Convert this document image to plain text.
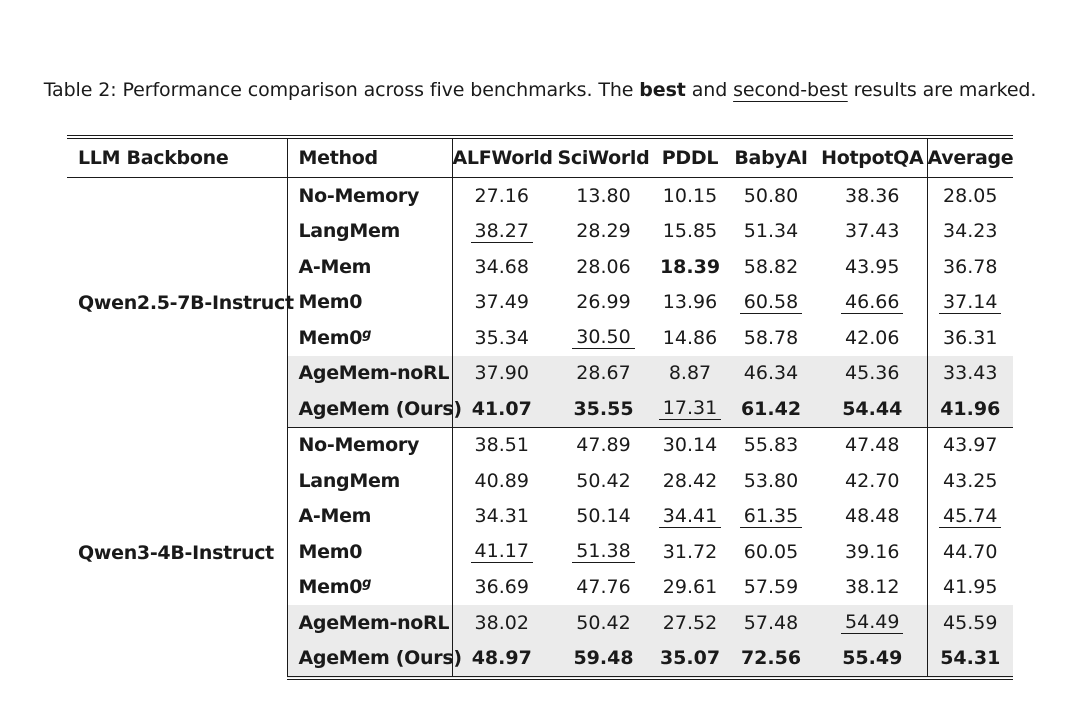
Table 2: Performance comparison across five benchmarks. The best and second-best results are marked.
LLM Backbone	Method	ALFWorld	SciWorld	PDDL	BabyAI	HotpotQA	Average
Qwen2.5-7B-Instruct	No-Memory	27.16	13.80	10.15	50.80	38.36	28.05
	LangMem	38.27	28.29	15.85	51.34	37.43	34.23
	A-Mem	34.68	28.06	18.39	58.82	43.95	36.78
	Mem0	37.49	26.99	13.96	60.58	46.66	37.14
	Mem0$^g$	35.34	30.50	14.86	58.78	42.06	36.31
	AgeMem-noRL	37.90	28.67	8.87	46.34	45.36	33.43
	AgeMem (Ours)	41.07	35.55	17.31	61.42	54.44	41.96
Qwen3-4B-Instruct	No-Memory	38.51	47.89	30.14	55.83	47.48	43.97
	LangMem	40.89	50.42	28.42	53.80	42.70	43.25
	A-Mem	34.31	50.14	34.41	61.35	48.48	45.74
	Mem0	41.17	51.38	31.72	60.05	39.16	44.70
	Mem0$^g$	36.69	47.76	29.61	57.59	38.12	41.95
	AgeMem-noRL	38.02	50.42	27.52	57.48	54.49	45.59
	AgeMem (Ours)	48.97	59.48	35.07	72.56	55.49	54.31
